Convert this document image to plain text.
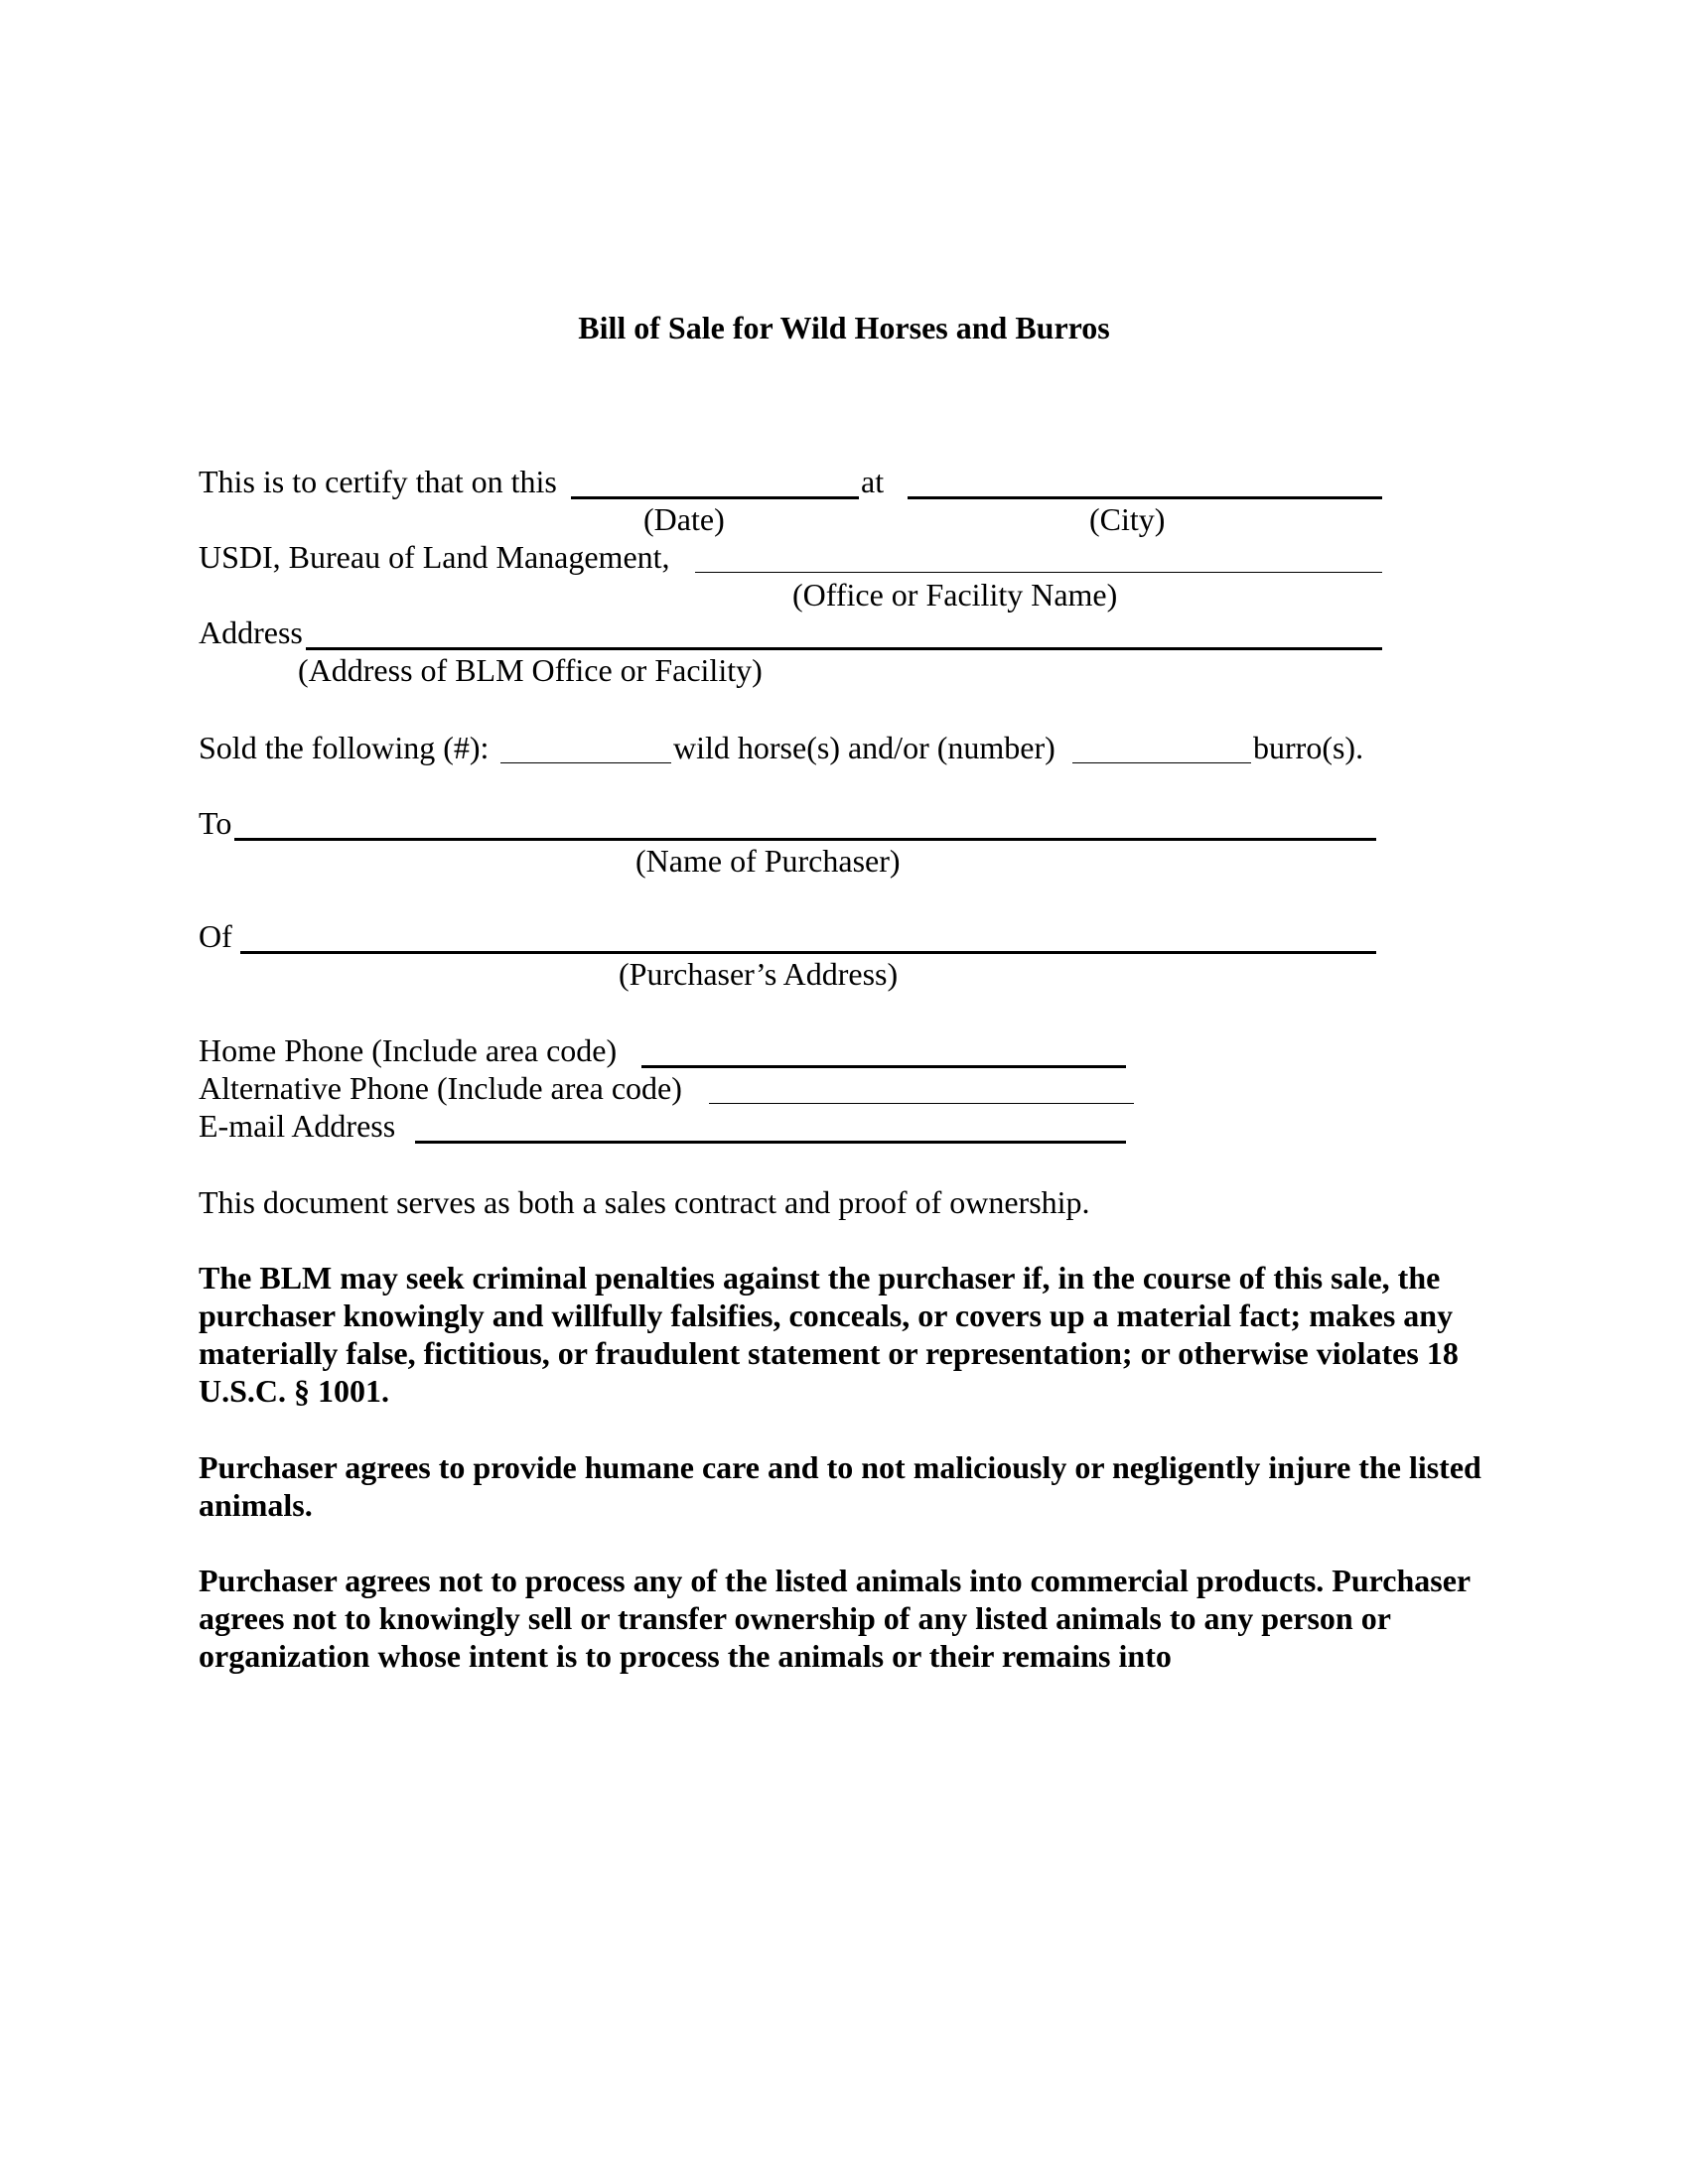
Bill of Sale for Wild Horses and Burros
This is to certify that on this	at
(Date)	(City)
USDI, Bureau of Land Management,
(Office or Facility Name)
Address
(Address of BLM Office or Facility)
Sold the following (#):	wild horse(s) and/or (number)	burro(s).
To
(Name of Purchaser)
Of
(Purchaser’s Address)
Home Phone (Include area code)
Alternative Phone (Include area code)
E-mail Address
This document serves as both a sales contract and proof of ownership.
The BLM may seek criminal penalties against the purchaser if, in the course of this sale, the purchaser knowingly and willfully falsifies, conceals, or covers up a material fact; makes any materially false, fictitious, or fraudulent statement or representation; or otherwise violates 18 U.S.C. § 1001.
Purchaser agrees to provide humane care and to not maliciously or negligently injure the listed animals.
Purchaser agrees not to process any of the listed animals into commercial products. Purchaser agrees not to knowingly sell or transfer ownership of any listed animals to any person or organization whose intent is to process the animals or their remains into
